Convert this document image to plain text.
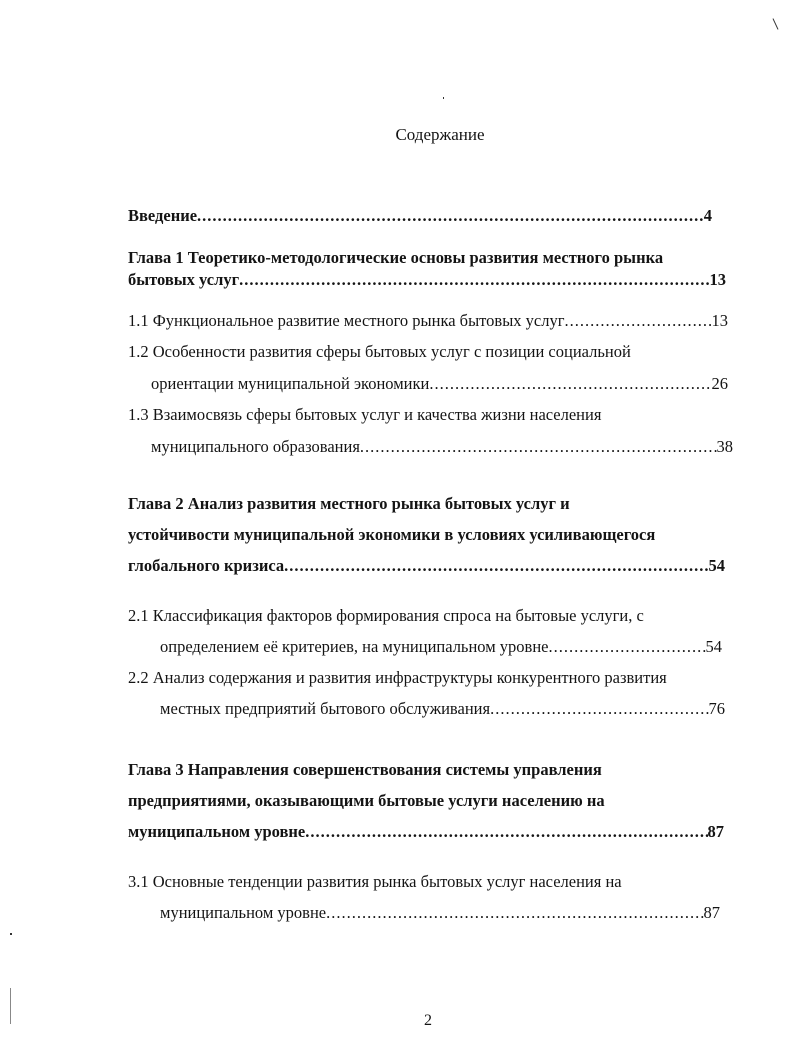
Содержание
Введение .....	4
Глава 1 Теоретико-методологические основы развития местного рынка
бытовых услуг .....	13
1.1 Функциональное развитие местного рынка бытовых услуг .....	13
1.2 Особенности развития сферы бытовых услуг с позиции социальной
ориентации муниципальной экономики .....	26
1.3 Взаимосвязь сферы бытовых услуг и качества жизни населения
муниципального образования .....	38
Глава 2 Анализ развития местного рынка бытовых услуг и
устойчивости муниципальной экономики в условиях усиливающегося
глобального кризиса .....	54
2.1 Классификация факторов формирования спроса на бытовые услуги, с
определением её критериев, на муниципальном уровне .....	54
2.2 Анализ содержания и развития инфраструктуры конкурентного развития
местных предприятий бытового обслуживания .....	76
Глава 3 Направления совершенствования системы управления
предприятиями, оказывающими бытовые услуги населению на
муниципальном уровне .....	87
3.1 Основные тенденции развития рынка бытовых услуг населения на
муниципальном уровне .....	87
2
